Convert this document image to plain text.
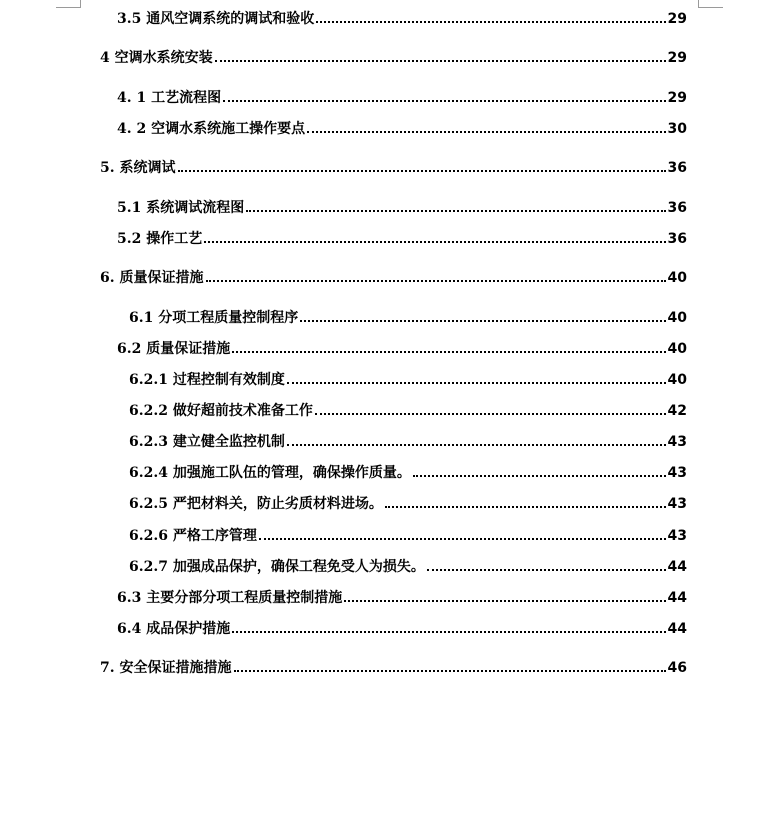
3.5 通风空调系统的调试和验收	29
4 空调水系统安装	29
4. 1 工艺流程图	29
4. 2 空调水系统施工操作要点	30
5. 系统调试	36
5.1 系统调试流程图	36
5.2 操作工艺	36
6. 质量保证措施	40
6.1 分项工程质量控制程序	40
6.2 质量保证措施	40
6.2.1 过程控制有效制度	40
6.2.2 做好超前技术准备工作	42
6.2.3 建立健全监控机制	43
6.2.4 加强施工队伍的管理，确保操作质量。	43
6.2.5 严把材料关，防止劣质材料进场。	43
6.2.6 严格工序管理	43
6.2.7 加强成品保护，确保工程免受人为损失。	44
6.3 主要分部分项工程质量控制措施	44
6.4 成品保护措施	44
7. 安全保证措施措施	46
